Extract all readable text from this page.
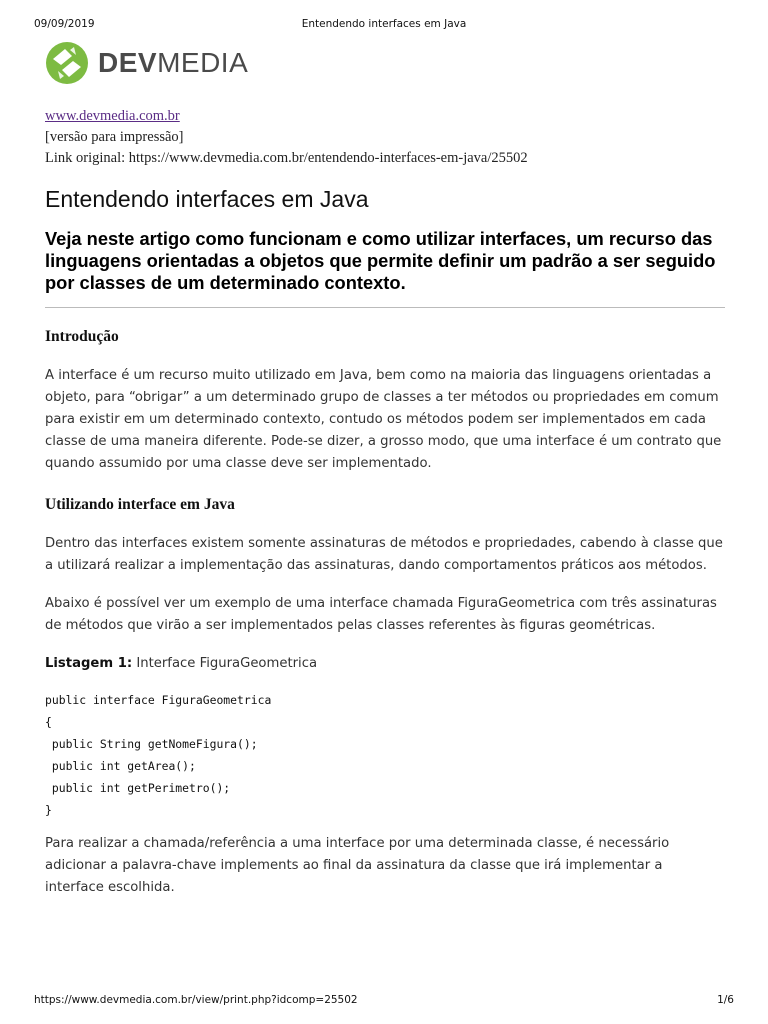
09/09/2019	Entendendo interfaces em Java
DEVMEDIA
www.devmedia.com.br
[versão para impressão]
Link original: https://www.devmedia.com.br/entendendo-interfaces-em-java/25502
Entendendo interfaces em Java
Veja neste artigo como funcionam e como utilizar interfaces, um recurso das linguagens orientadas a objetos que permite definir um padrão a ser seguido por classes de um determinado contexto.
Introdução

A interface é um recurso muito utilizado em Java, bem como na maioria das linguagens orientadas a objeto, para “obrigar” a um determinado grupo de classes a ter métodos ou propriedades em comum para existir em um determinado contexto, contudo os métodos podem ser implementados em cada classe de uma maneira diferente. Pode-se dizer, a grosso modo, que uma interface é um contrato que quando assumido por uma classe deve ser implementado.

Utilizando interface em Java

Dentro das interfaces existem somente assinaturas de métodos e propriedades, cabendo à classe que a utilizará realizar a implementação das assinaturas, dando comportamentos práticos aos métodos.

Abaixo é possível ver um exemplo de uma interface chamada FiguraGeometrica com três assinaturas de métodos que virão a ser implementados pelas classes referentes às figuras geométricas.

Listagem 1: Interface FiguraGeometrica
public interface FiguraGeometrica
{
public String getNomeFigura();
public int getArea();
public int getPerimetro();
}

Para realizar a chamada/referência a uma interface por uma determinada classe, é necessário adicionar a palavra-chave implements ao final da assinatura da classe que irá implementar a interface escolhida.

https://www.devmedia.com.br/view/print.php?idcomp=25502	1/6
